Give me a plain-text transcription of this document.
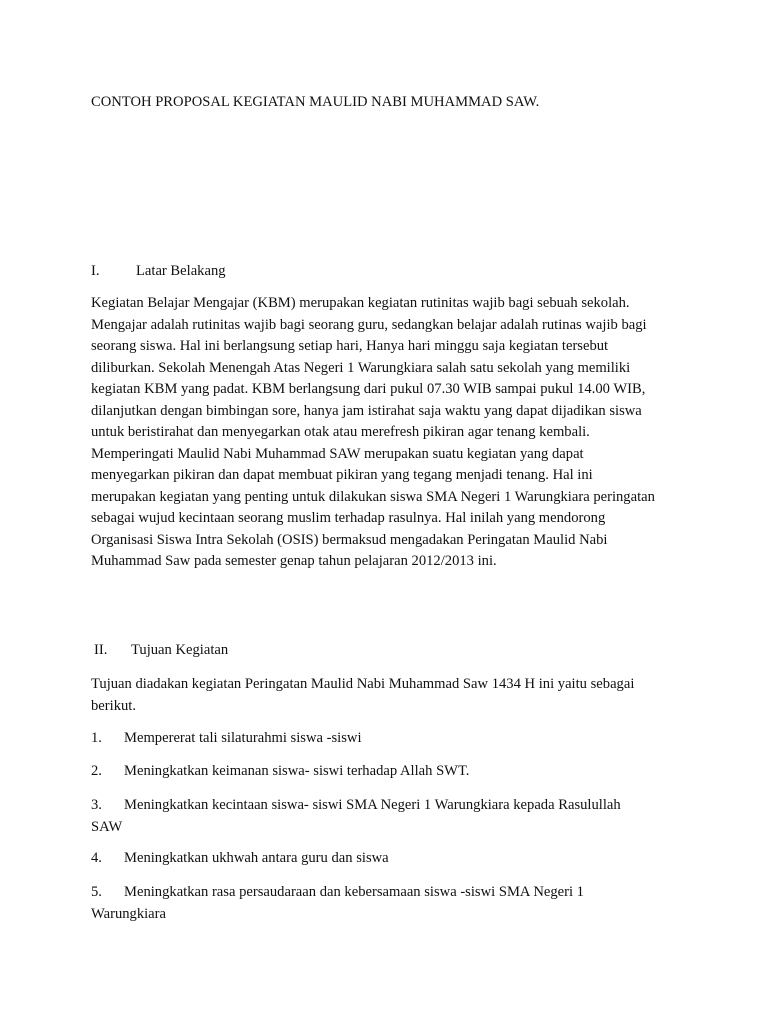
CONTOH PROPOSAL KEGIATAN MAULID NABI MUHAMMAD SAW.
I. Latar Belakang

Kegiatan Belajar Mengajar (KBM) merupakan kegiatan rutinitas wajib bagi sebuah sekolah.
Mengajar adalah rutinitas wajib bagi seorang guru, sedangkan belajar adalah rutinas wajib bagi
seorang siswa. Hal ini berlangsung setiap hari, Hanya hari minggu saja kegiatan tersebut
diliburkan. Sekolah Menengah Atas Negeri 1 Warungkiara salah satu sekolah yang memiliki
kegiatan KBM yang padat. KBM berlangsung dari pukul 07.30 WIB sampai pukul 14.00 WIB,
dilanjutkan dengan bimbingan sore, hanya jam istirahat saja waktu yang dapat dijadikan siswa
untuk beristirahat dan menyegarkan otak atau merefresh pikiran agar tenang kembali.
Memperingati Maulid Nabi Muhammad SAW merupakan suatu kegiatan yang dapat
menyegarkan pikiran dan dapat membuat pikiran yang tegang menjadi tenang. Hal ini
merupakan kegiatan yang penting untuk dilakukan siswa SMA Negeri 1 Warungkiara peringatan
sebagai wujud kecintaan seorang muslim terhadap rasulnya. Hal inilah yang mendorong
Organisasi Siswa Intra Sekolah (OSIS) bermaksud mengadakan Peringatan Maulid Nabi
Muhammad Saw pada semester genap tahun pelajaran 2012/2013 ini.

II. Tujuan Kegiatan

Tujuan diadakan kegiatan Peringatan Maulid Nabi Muhammad Saw 1434 H ini yaitu sebagai
berikut.

1. Mempererat tali silaturahmi siswa -siswi

2. Meningkatkan keimanan siswa- siswi terhadap Allah SWT.

3. Meningkatkan kecintaan siswa- siswi SMA Negeri 1 Warungkiara kepada Rasulullah
SAW

4. Meningkatkan ukhwah antara guru dan siswa

5. Meningkatkan rasa persaudaraan dan kebersamaan siswa -siswi SMA Negeri 1
Warungkiara
